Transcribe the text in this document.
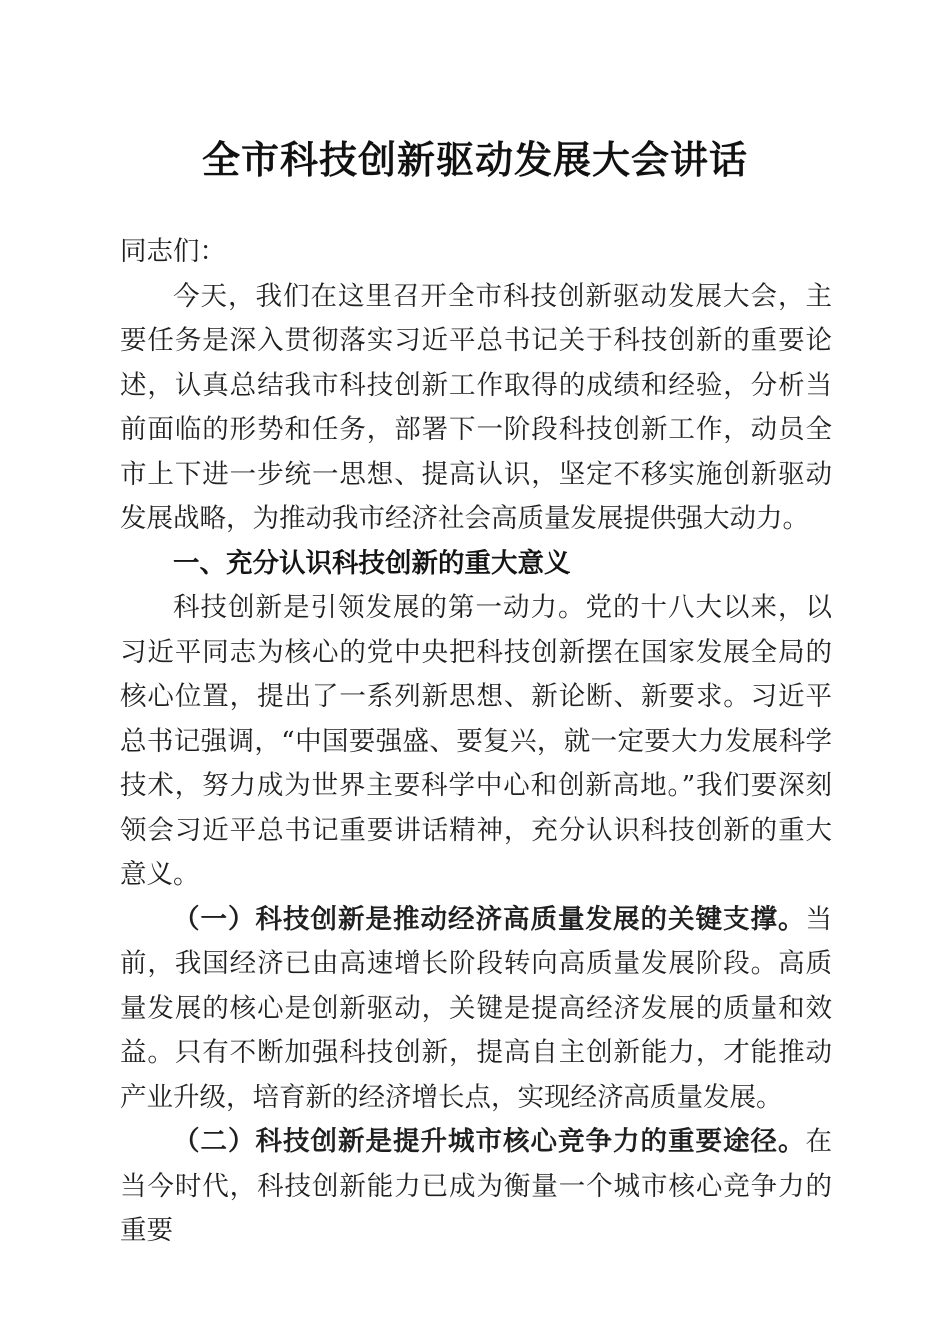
全市科技创新驱动发展大会讲话

同志们：

今天，我们在这里召开全市科技创新驱动发展大会，主要任务是深入贯彻落实习近平总书记关于科技创新的重要论述，认真总结我市科技创新工作取得的成绩和经验，分析当前面临的形势和任务，部署下一阶段科技创新工作，动员全市上下进一步统一思想、提高认识，坚定不移实施创新驱动发展战略，为推动我市经济社会高质量发展提供强大动力。

一、充分认识科技创新的重大意义

科技创新是引领发展的第一动力。党的十八大以来，以习近平同志为核心的党中央把科技创新摆在国家发展全局的核心位置，提出了一系列新思想、新论断、新要求。习近平总书记强调，“中国要强盛、要复兴，就一定要大力发展科学技术，努力成为世界主要科学中心和创新高地。”我们要深刻领会习近平总书记重要讲话精神，充分认识科技创新的重大意义。

（一）科技创新是推动经济高质量发展的关键支撑。当前，我国经济已由高速增长阶段转向高质量发展阶段。高质量发展的核心是创新驱动，关键是提高经济发展的质量和效益。只有不断加强科技创新，提高自主创新能力，才能推动产业升级，培育新的经济增长点，实现经济高质量发展。

（二）科技创新是提升城市核心竞争力的重要途径。在当今时代，科技创新能力已成为衡量一个城市核心竞争力的重要
